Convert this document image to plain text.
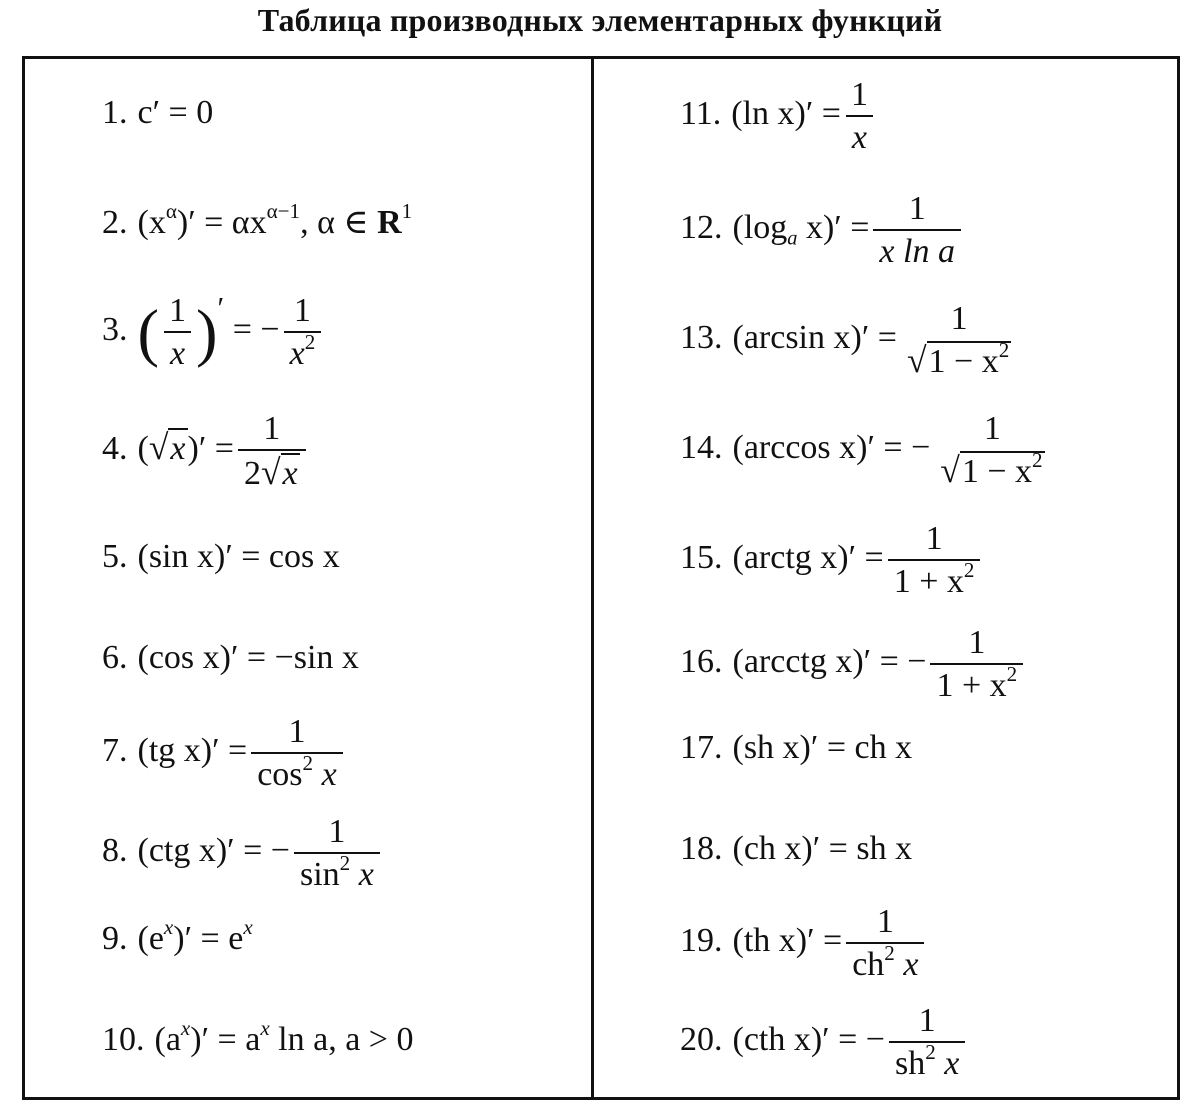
Таблица производных элементарных функций
1. c′ = 0
2. $(x^\alpha)' = \alpha x^{\alpha-1}$, α ∈ $R^1$
3. ( $\frac{1}{x} )'$ = − $\frac{1}{x^2}$
4. $(√x)' = \frac{1}{2√x}$
5. (sin x)′ = cos x
6. (cos x)′ = −sin x
7. (tg $x)' = \frac{1}{\cos^2 x}$
8. (ctg x)′ = − $\frac{1}{\sin^2 x}$
9. $(e^x)' = e^x$
10. $(a^x)' = a^x$ ln a, a > 0
11. (ln $x)' = \frac{1}{x}$
12. ($\log_a$ $x)' = \frac{1}{\text{x ln a}}$
13. (arcsin x)′ =
1
$√1 - x^2$
14. (arccos x)′ = −
1
$√1 - x^2$
15. (arctg $x)' = \frac{1}{1 + x^2}$
16. (arcctg x)′ = − $\frac{1}{1 + x^2}$
17. (sh x)′ = ch x
18. (ch x)′ = sh x
19. (th $x)' = \frac{1}{ch^2 x}$
20. (cth x)′ = − $\frac{1}{sh^2 x}$
